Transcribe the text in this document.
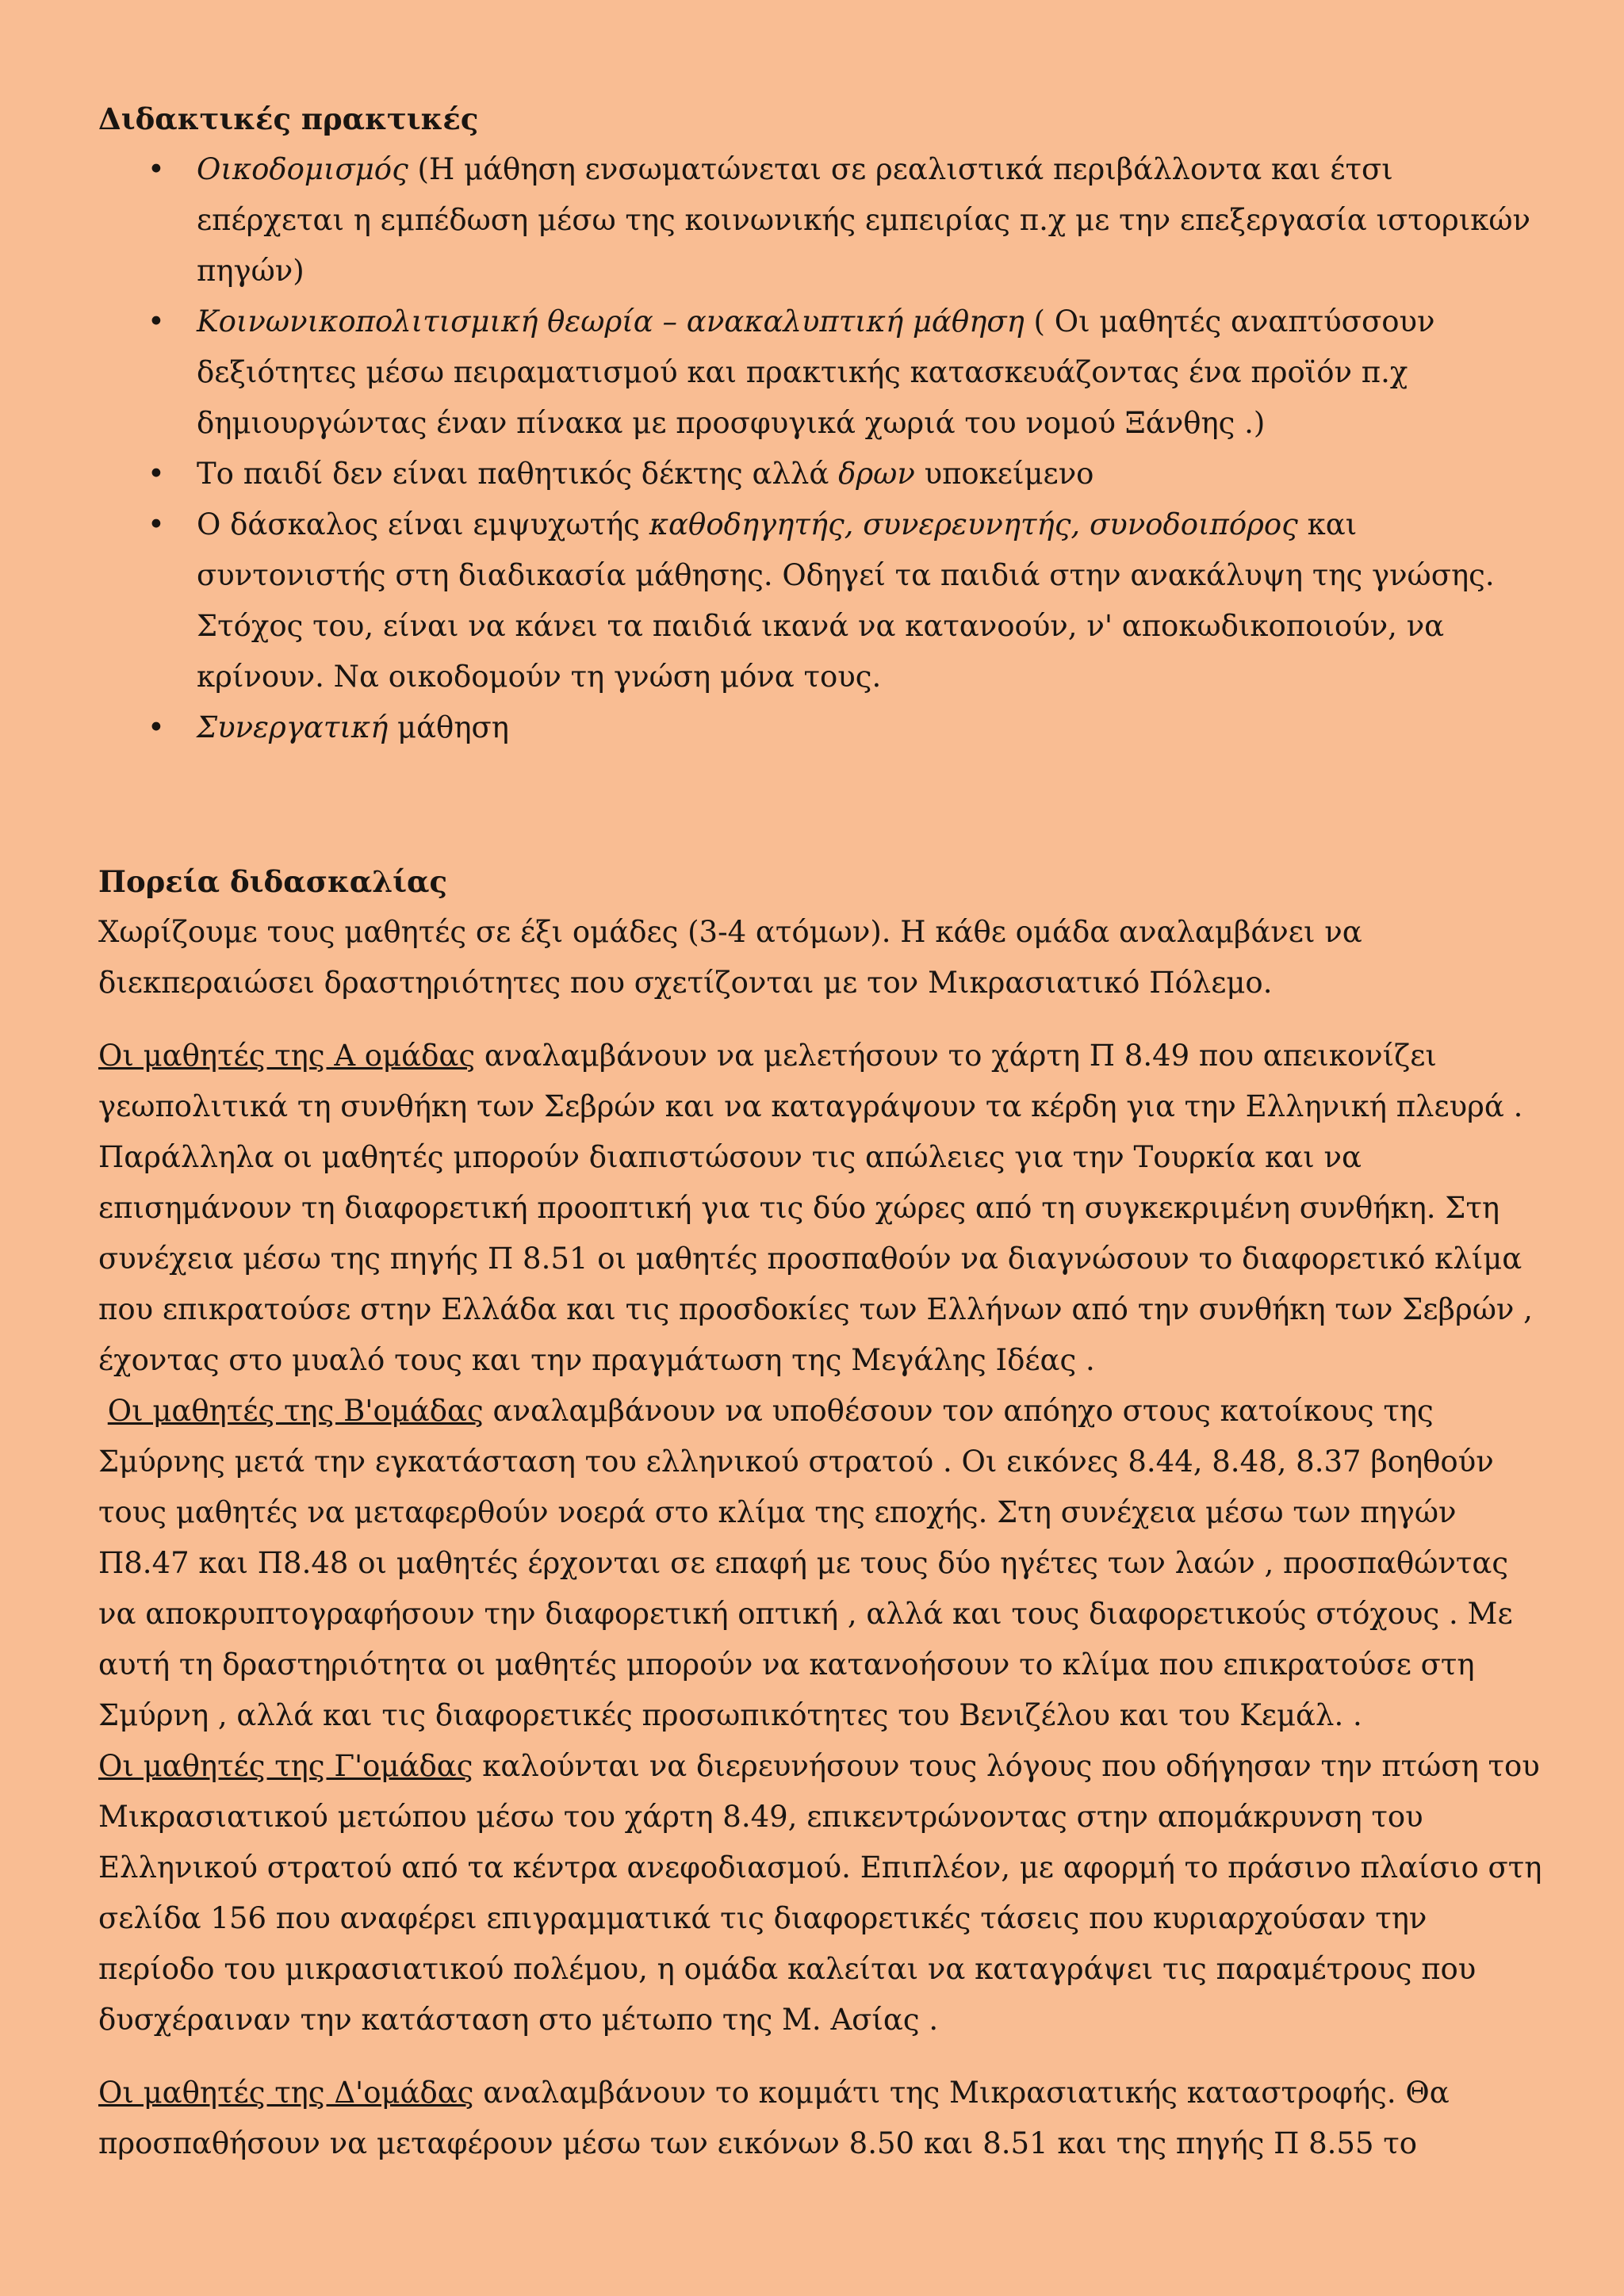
Διδακτικές πρακτικές
• Οικοδομισμός (Η μάθηση ενσωματώνεται σε ρεαλιστικά περιβάλλοντα και έτσι επέρχεται η εμπέδωση μέσω της κοινωνικής εμπειρίας π.χ με την επεξεργασία ιστορικών πηγών)
• Κοινωνικοπολιτισμική θεωρία – ανακαλυπτική μάθηση ( Οι μαθητές αναπτύσσουν δεξιότητες μέσω πειραματισμού και πρακτικής κατασκευάζοντας ένα προϊόν π.χ δημιουργώντας έναν πίνακα με προσφυγικά χωριά του νομού Ξάνθης .)
• Το παιδί δεν είναι παθητικός δέκτης αλλά δρων υποκείμενο
• Ο δάσκαλος είναι εμψυχωτής καθοδηγητής, συνερευνητής, συνοδοιπόρος και συντονιστής στη διαδικασία μάθησης. Οδηγεί τα παιδιά στην ανακάλυψη της γνώσης. Στόχος του, είναι να κάνει τα παιδιά ικανά να κατανοούν, ν' αποκωδικοποιούν, να κρίνουν. Να οικοδομούν τη γνώση μόνα τους.
• Συνεργατική μάθηση
Πορεία διδασκαλίας

Χωρίζουμε τους μαθητές σε έξι ομάδες (3-4 ατόμων). Η κάθε ομάδα αναλαμβάνει να διεκπεραιώσει δραστηριότητες που σχετίζονται με τον Μικρασιατικό Πόλεμο.

Οι μαθητές της Α ομάδας αναλαμβάνουν να μελετήσουν το χάρτη Π 8.49 που απεικονίζει γεωπολιτικά τη συνθήκη των Σεβρών και να καταγράψουν τα κέρδη για την Ελληνική πλευρά . Παράλληλα οι μαθητές μπορούν διαπιστώσουν τις απώλειες για την Τουρκία και να επισημάνουν τη διαφορετική προοπτική για τις δύο χώρες από τη συγκεκριμένη συνθήκη. Στη συνέχεια μέσω της πηγής Π 8.51 οι μαθητές προσπαθούν να διαγνώσουν το διαφορετικό κλίμα που επικρατούσε στην Ελλάδα και τις προσδοκίες των Ελλήνων από την συνθήκη των Σεβρών , έχοντας στο μυαλό τους και την πραγμάτωση της Μεγάλης Ιδέας .

Οι μαθητές της Β'ομάδας αναλαμβάνουν να υποθέσουν τον απόηχο στους κατοίκους της Σμύρνης μετά την εγκατάσταση του ελληνικού στρατού . Οι εικόνες 8.44, 8.48, 8.37 βοηθούν τους μαθητές να μεταφερθούν νοερά στο κλίμα της εποχής. Στη συνέχεια μέσω των πηγών Π8.47 και Π8.48 οι μαθητές έρχονται σε επαφή με τους δύο ηγέτες των λαών , προσπαθώντας να αποκρυπτογραφήσουν την διαφορετική οπτική , αλλά και τους διαφορετικούς στόχους . Με αυτή τη δραστηριότητα οι μαθητές μπορούν να κατανοήσουν το κλίμα που επικρατούσε στη Σμύρνη , αλλά και τις διαφορετικές προσωπικότητες του Βενιζέλου και του Κεμάλ. .

Οι μαθητές της Γ'ομάδας καλούνται να διερευνήσουν τους λόγους που οδήγησαν την πτώση του Μικρασιατικού μετώπου μέσω του χάρτη 8.49, επικεντρώνοντας στην απομάκρυνση του Ελληνικού στρατού από τα κέντρα ανεφοδιασμού. Επιπλέον, με αφορμή το πράσινο πλαίσιο στη σελίδα 156 που αναφέρει επιγραμματικά τις διαφορετικές τάσεις που κυριαρχούσαν την περίοδο του μικρασιατικού πολέμου, η ομάδα καλείται να καταγράψει τις παραμέτρους που δυσχέραιναν την κατάσταση στο μέτωπο της Μ. Ασίας .

Οι μαθητές της Δ'ομάδας αναλαμβάνουν το κομμάτι της Μικρασιατικής καταστροφής. Θα προσπαθήσουν να μεταφέρουν μέσω των εικόνων 8.50 και 8.51 και της πηγής Π 8.55 το
